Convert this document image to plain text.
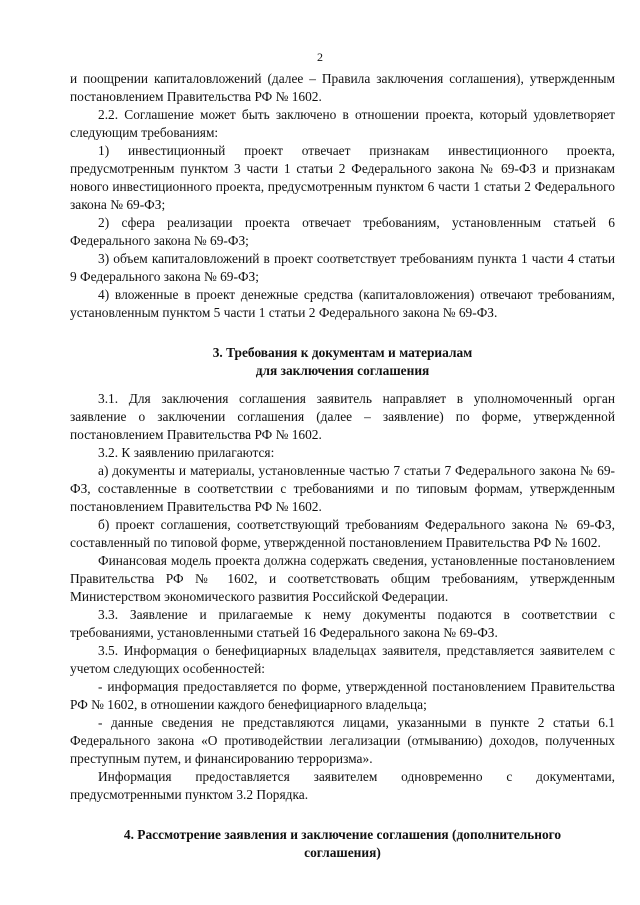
2

и поощрении капиталовложений (далее – Правила заключения соглашения), утвержденным постановлением Правительства РФ № 1602.

2.2. Соглашение может быть заключено в отношении проекта, который удовлетворяет следующим требованиям:

1) инвестиционный проект отвечает признакам инвестиционного проекта, предусмотренным пунктом 3 части 1 статьи 2 Федерального закона № 69-ФЗ и признакам нового инвестиционного проекта, предусмотренным пунктом 6 части 1 статьи 2 Федерального закона № 69-ФЗ;

2) сфера реализации проекта отвечает требованиям, установленным статьей 6 Федерального закона № 69-ФЗ;

3) объем капиталовложений в проект соответствует требованиям пункта 1 части 4 статьи 9 Федерального закона № 69-ФЗ;

4) вложенные в проект денежные средства (капиталовложения) отвечают требованиям, установленным пунктом 5 части 1 статьи 2 Федерального закона № 69-ФЗ.

3. Требования к документам и материалам
для заключения соглашения

3.1. Для заключения соглашения заявитель направляет в уполномоченный орган заявление о заключении соглашения (далее – заявление) по форме, утвержденной постановлением Правительства РФ № 1602.

3.2. К заявлению прилагаются:

а) документы и материалы, установленные частью 7 статьи 7 Федерального закона № 69-ФЗ, составленные в соответствии с требованиями и по типовым формам, утвержденным постановлением Правительства РФ № 1602.

б) проект соглашения, соответствующий требованиям Федерального закона № 69-ФЗ, составленный по типовой форме, утвержденной постановлением Правительства РФ № 1602.

Финансовая модель проекта должна содержать сведения, установленные постановлением Правительства РФ № 1602, и соответствовать общим требованиям, утвержденным Министерством экономического развития Российской Федерации.

3.3. Заявление и прилагаемые к нему документы подаются в соответствии с требованиями, установленными статьей 16 Федерального закона № 69-ФЗ.

3.5. Информация о бенефициарных владельцах заявителя, представляется заявителем с учетом следующих особенностей:

- информация предоставляется по форме, утвержденной постановлением Правительства РФ № 1602, в отношении каждого бенефициарного владельца;

- данные сведения не представляются лицами, указанными в пункте 2 статьи 6.1 Федерального закона «О противодействии легализации (отмыванию) доходов, полученных преступным путем, и финансированию терроризма».

Информация предоставляется заявителем одновременно с документами, предусмотренными пунктом 3.2 Порядка.

4. Рассмотрение заявления и заключение соглашения (дополнительного
соглашения)
